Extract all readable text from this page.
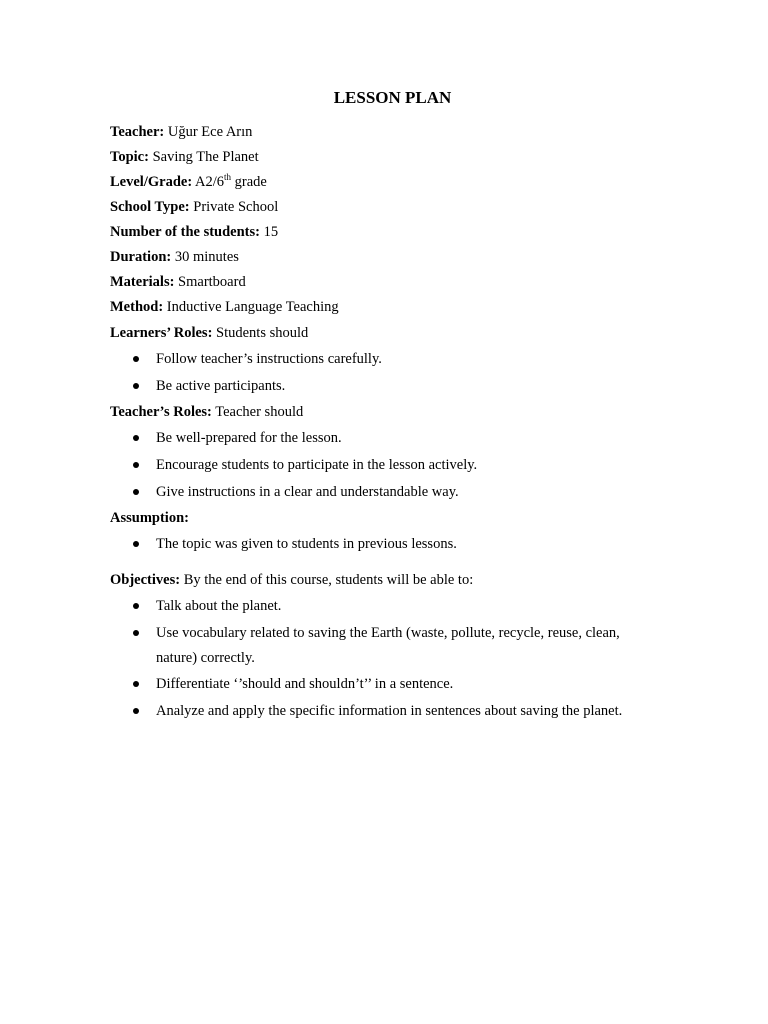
LESSON PLAN
Teacher: Uğur Ece Arın
Topic: Saving The Planet
Level/Grade: A2/6th grade
School Type: Private School
Number of the students: 15
Duration: 30 minutes
Materials: Smartboard
Method: Inductive Language Teaching
Learners’ Roles: Students should
Follow teacher’s instructions carefully.
Be active participants.
Teacher’s Roles: Teacher should
Be well-prepared for the lesson.
Encourage students to participate in the lesson actively.
Give instructions in a clear and understandable way.
Assumption:
The topic was given to students in previous lessons.
Objectives: By the end of this course, students will be able to:
Talk about the planet.
Use vocabulary related to saving the Earth (waste, pollute, recycle, reuse, clean,
nature) correctly.
Differentiate ‘’should and shouldn’t’’ in a sentence.
Analyze and apply the specific information in sentences about saving the planet.
